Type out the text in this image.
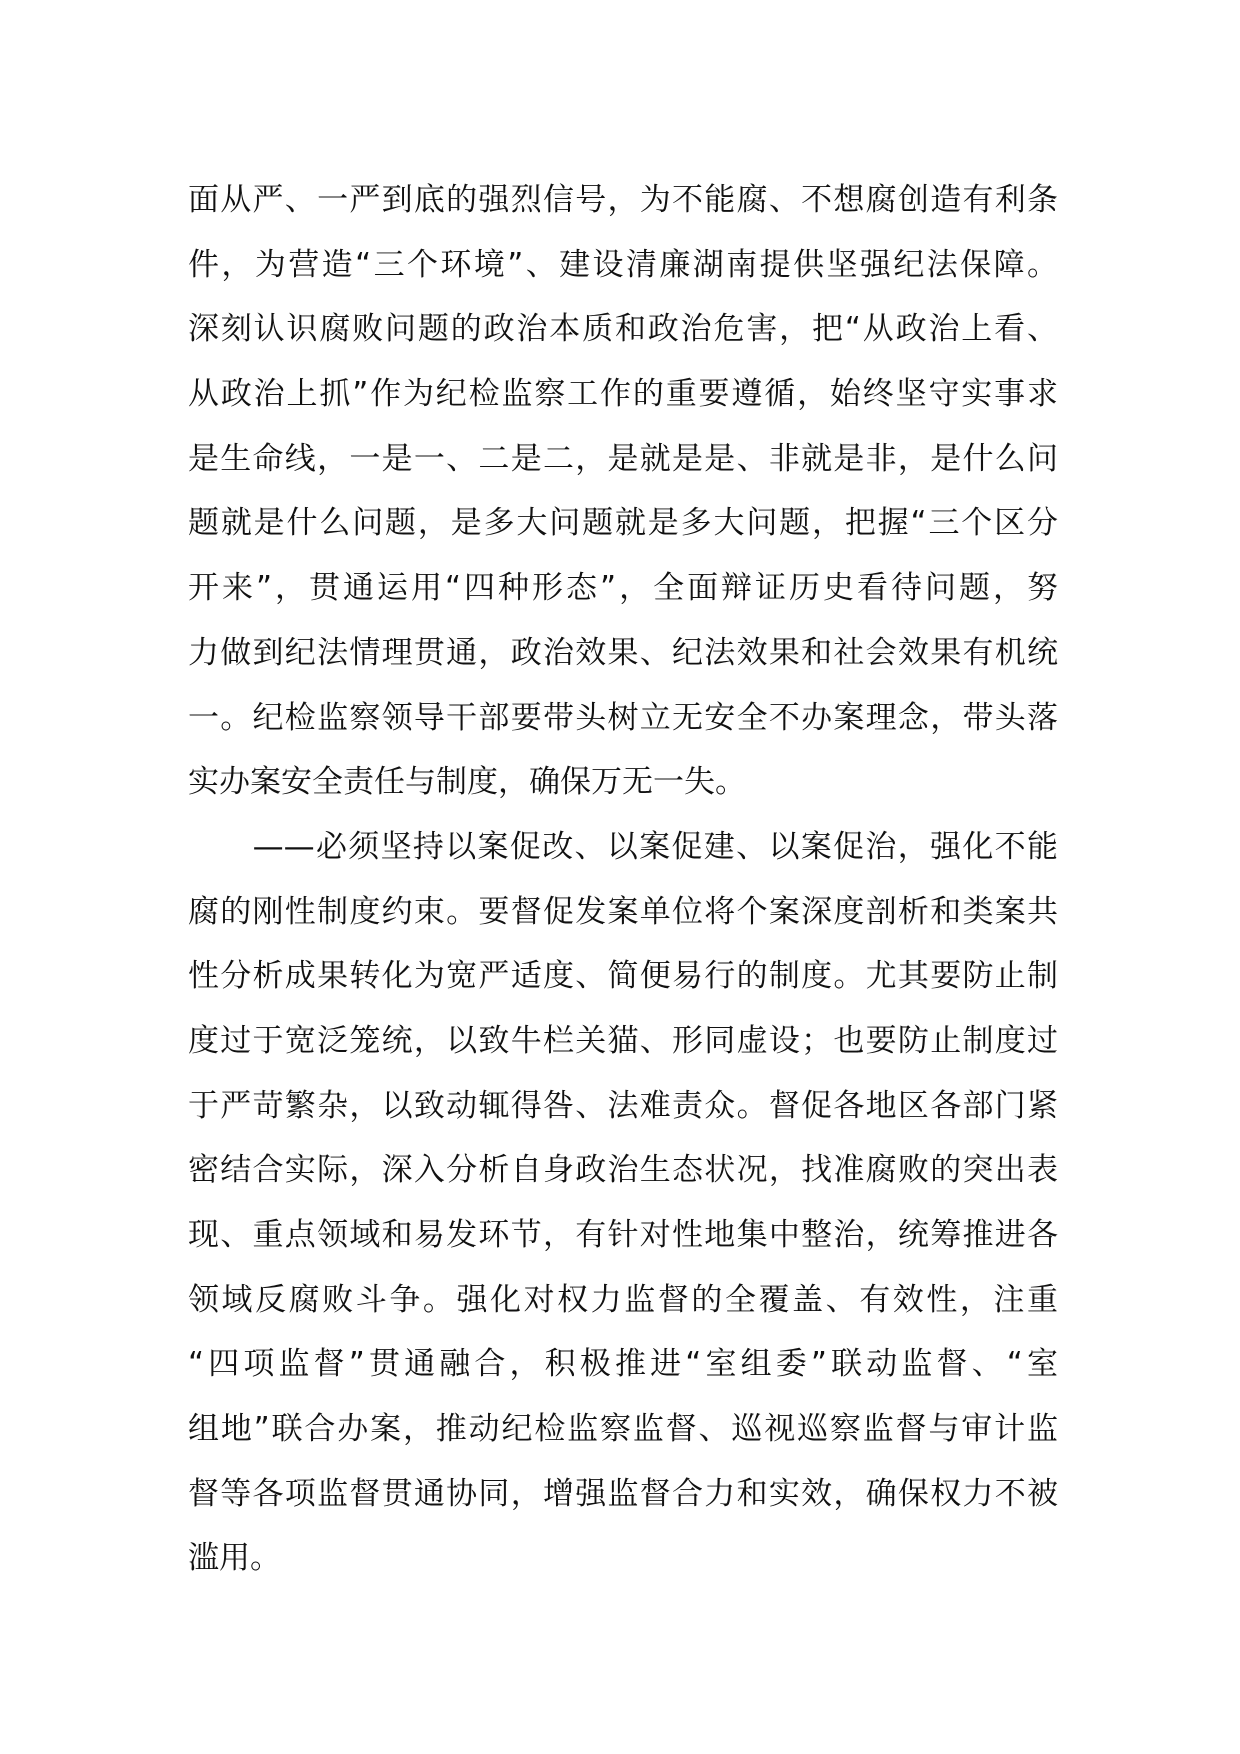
面从严、一严到底的强烈信号，为不能腐、不想腐创造有利条
件，为营造“三个环境”、建设清廉湖南提供坚强纪法保障。
深刻认识腐败问题的政治本质和政治危害，把“从政治上看、
从政治上抓”作为纪检监察工作的重要遵循，始终坚守实事求
是生命线，一是一、二是二，是就是是、非就是非，是什么问
题就是什么问题，是多大问题就是多大问题，把握“三个区分
开来”，贯通运用“四种形态”，全面辩证历史看待问题，努
力做到纪法情理贯通，政治效果、纪法效果和社会效果有机统
一。纪检监察领导干部要带头树立无安全不办案理念，带头落
实办案安全责任与制度，确保万无一失。
　　——必须坚持以案促改、以案促建、以案促治，强化不能
腐的刚性制度约束。要督促发案单位将个案深度剖析和类案共
性分析成果转化为宽严适度、简便易行的制度。尤其要防止制
度过于宽泛笼统，以致牛栏关猫、形同虚设；也要防止制度过
于严苛繁杂，以致动辄得咎、法难责众。督促各地区各部门紧
密结合实际，深入分析自身政治生态状况，找准腐败的突出表
现、重点领域和易发环节，有针对性地集中整治，统筹推进各
领域反腐败斗争。强化对权力监督的全覆盖、有效性，注重
“四项监督”贯通融合，积极推进“室组委”联动监督、“室
组地”联合办案，推动纪检监察监督、巡视巡察监督与审计监
督等各项监督贯通协同，增强监督合力和实效，确保权力不被
滥用。
